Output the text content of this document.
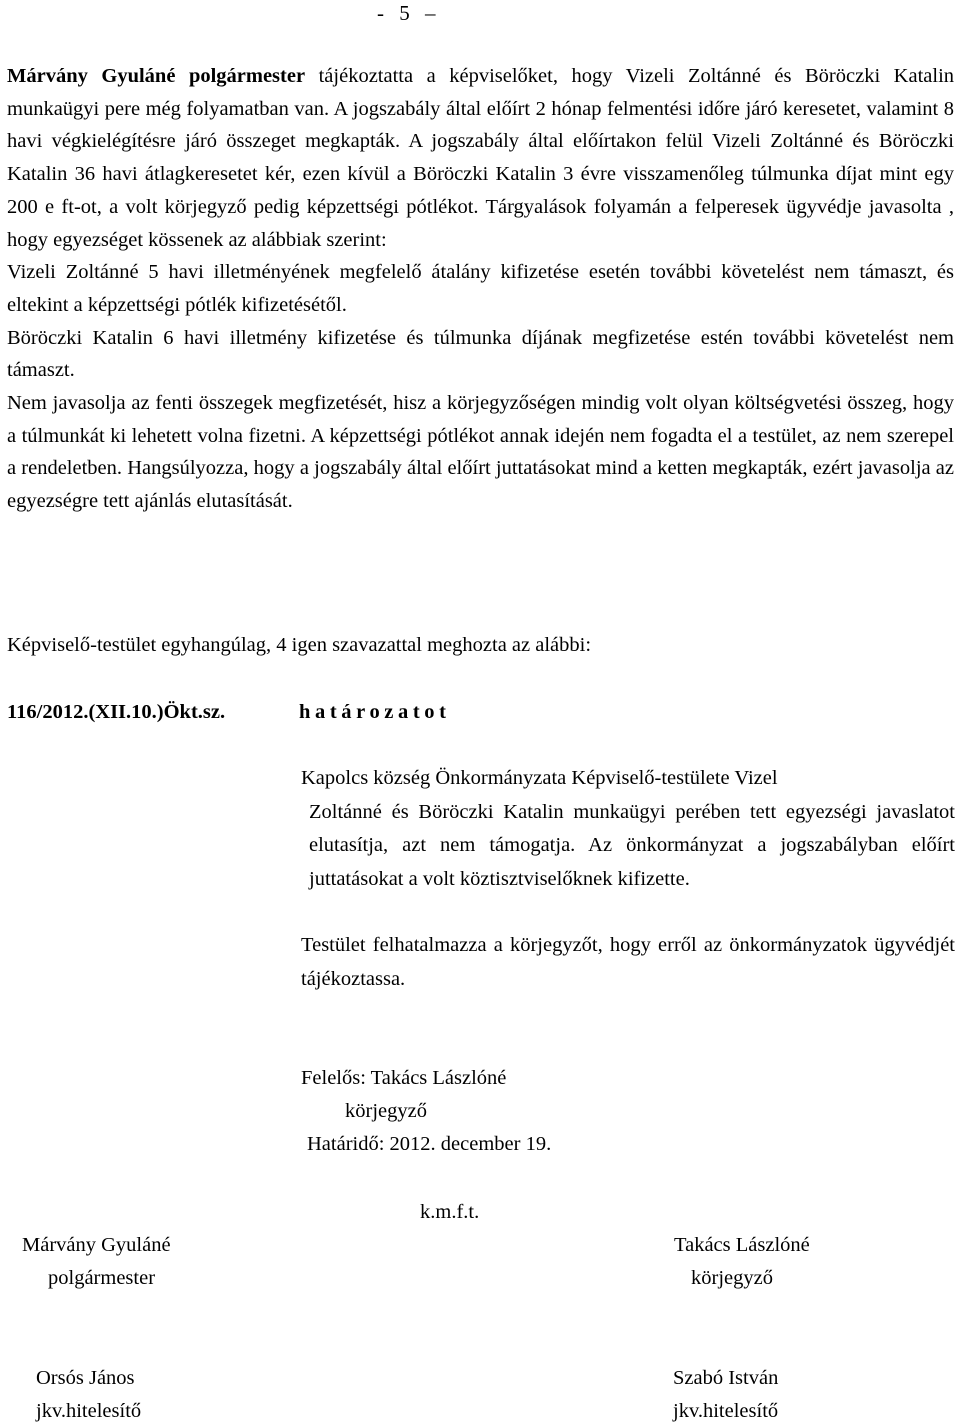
- 5 –

Márvány Gyuláné polgármester tájékoztatta a képviselőket, hogy Vizeli Zoltánné és Böröczki Katalin munkaügyi pere még folyamatban van. A jogszabály által előírt 2 hónap felmentési időre járó keresetet, valamint 8 havi végkielégítésre járó összeget megkapták. A jogszabály által előírtakon felül Vizeli Zoltánné és Böröczki Katalin 36 havi átlagkeresetet kér, ezen kívül a Böröczki Katalin 3 évre visszamenőleg túlmunka díjat mint egy 200 e ft-ot, a volt körjegyző pedig képzettségi pótlékot. Tárgyalások folyamán a felperesek ügyvédje javasolta , hogy egyezséget kössenek az alábbiak szerint:

Vizeli Zoltánné 5 havi illetményének megfelelő átalány kifizetése esetén további követelést nem támaszt, és eltekint a képzettségi pótlék kifizetésétől.

Böröczki Katalin 6 havi illetmény kifizetése és túlmunka díjának megfizetése estén további követelést nem támaszt.

Nem javasolja az fenti összegek megfizetését, hisz a körjegyzőségen mindig volt olyan költségvetési összeg, hogy a túlmunkát ki lehetett volna fizetni. A képzettségi pótlékot annak idején nem fogadta el a testület, az nem szerepel a rendeletben. Hangsúlyozza, hogy a jogszabály által előírt juttatásokat mind a ketten megkapták, ezért javasolja az egyezségre tett ajánlás elutasítását.

Képviselő-testület egyhangúlag, 4 igen szavazattal meghozta az alábbi:
116/2012.(XII.10.)Ökt.sz.	határozatot

Kapolcs község Önkormányzata Képviselő-testülete Vizel

Zoltánné és Böröczki Katalin munkaügyi perében tett egyezségi javaslatot elutasítja, azt nem támogatja. Az önkormányzat a jogszabályban előírt juttatásokat a volt köztisztviselőknek kifizette.

Testület felhatalmazza a körjegyzőt, hogy erről az önkormányzatok ügyvédjét tájékoztassa.

Felelős: Takács Lászlóné
körjegyző
Határidő: 2012. december 19.
k.m.f.t.
Márvány Gyuláné
polgármester
Takács Lászlóné
körjegyző
Orsós János
jkv.hitelesítő
Szabó István
jkv.hitelesítő
